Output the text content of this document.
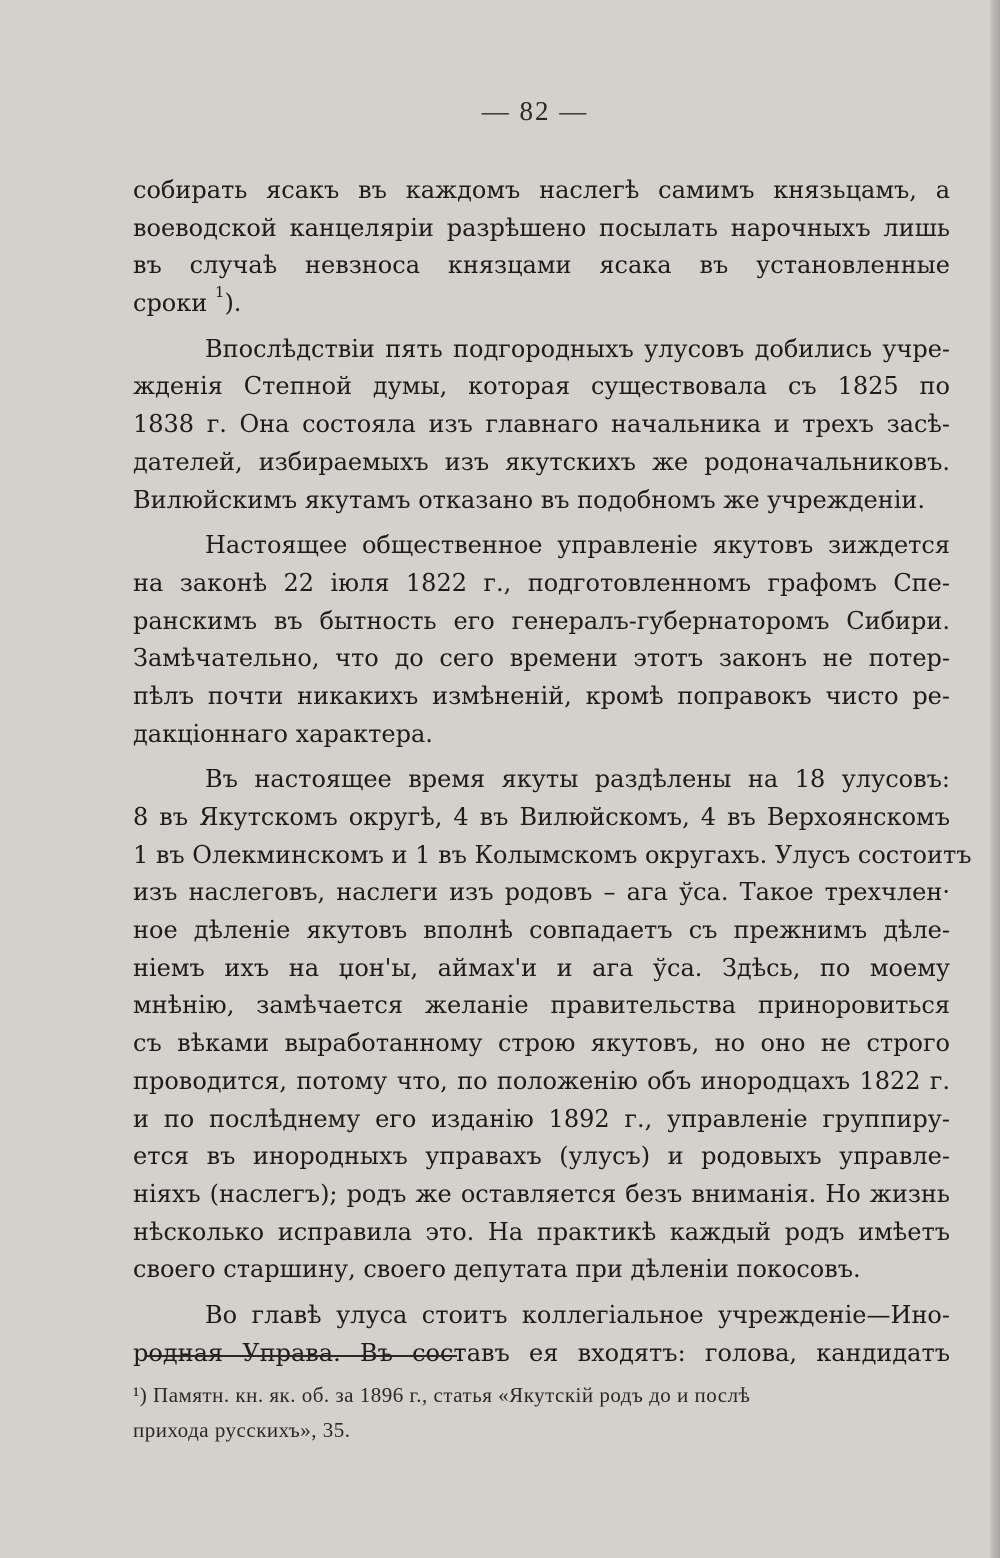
— 82 —
собирать ясакъ въ каждомъ наслегѣ самимъ князьцамъ, а
воеводской канцеляріи разрѣшено посылать нарочныхъ лишь
въ случаѣ невзноса князцами ясака въ установленные
сроки $^1$).
Впослѣдствіи пять подгородныхъ улусовъ добились учре-
жденія Степной думы, которая существовала съ 1825 по
1838 г. Она состояла изъ главнаго начальника и трехъ засѣ-
дателей, избираемыхъ изъ якутскихъ же родоначальниковъ.
Вилюйскимъ якутамъ отказано въ подобномъ же учрежденіи.
Настоящее общественное управленіе якутовъ зиждется
на законѣ 22 іюля 1822 г., подготовленномъ графомъ Спе-
ранскимъ въ бытность его генералъ-губернаторомъ Сибири.
Замѣчательно, что до сего времени этотъ законъ не потер-
пѣлъ почти никакихъ измѣненій, кромѣ поправокъ чисто ре-
дакціоннаго характера.
Въ настоящее время якуты раздѣлены на 18 улусовъ:
8 въ Якутскомъ округѣ, 4 въ Вилюйскомъ, 4 въ Верхоянскомъ
1 въ Олекминскомъ и 1 въ Колымскомъ округахъ. Улусъ состоитъ
изъ наслеговъ, наслеги изъ родовъ – ага ўса. Такое трехчлен·
ное дѣленіе якутовъ вполнѣ совпадаетъ съ прежнимъ дѣле-
ніемъ ихъ на џон'ы, аймах'и и ага ўса. Здѣсь, по моему
мнѣнію, замѣчается желаніе правительства приноровиться
съ вѣками выработанному строю якутовъ, но оно не строго
проводится, потому что, по положенію объ инородцахъ 1822 г.
и по послѣднему его изданію 1892 г., управленіе группиру-
ется въ инородныхъ управахъ (улусъ) и родовыхъ управле-
ніяхъ (наслегъ); родъ же оставляется безъ вниманія. Но жизнь
нѣсколько исправила это. На практикѣ каждый родъ имѣетъ
своего старшину, своего депутата при дѣленіи покосовъ.
Во главѣ улуса стоитъ коллегіальное учрежденіе—Ино-
родная Управа. Въ составъ ея входятъ: голова, кандидатъ
¹) Памятн. кн. як. об. за 1896 г., статья «Якутскій родъ до и послѣ
прихода русскихъ», 35.
